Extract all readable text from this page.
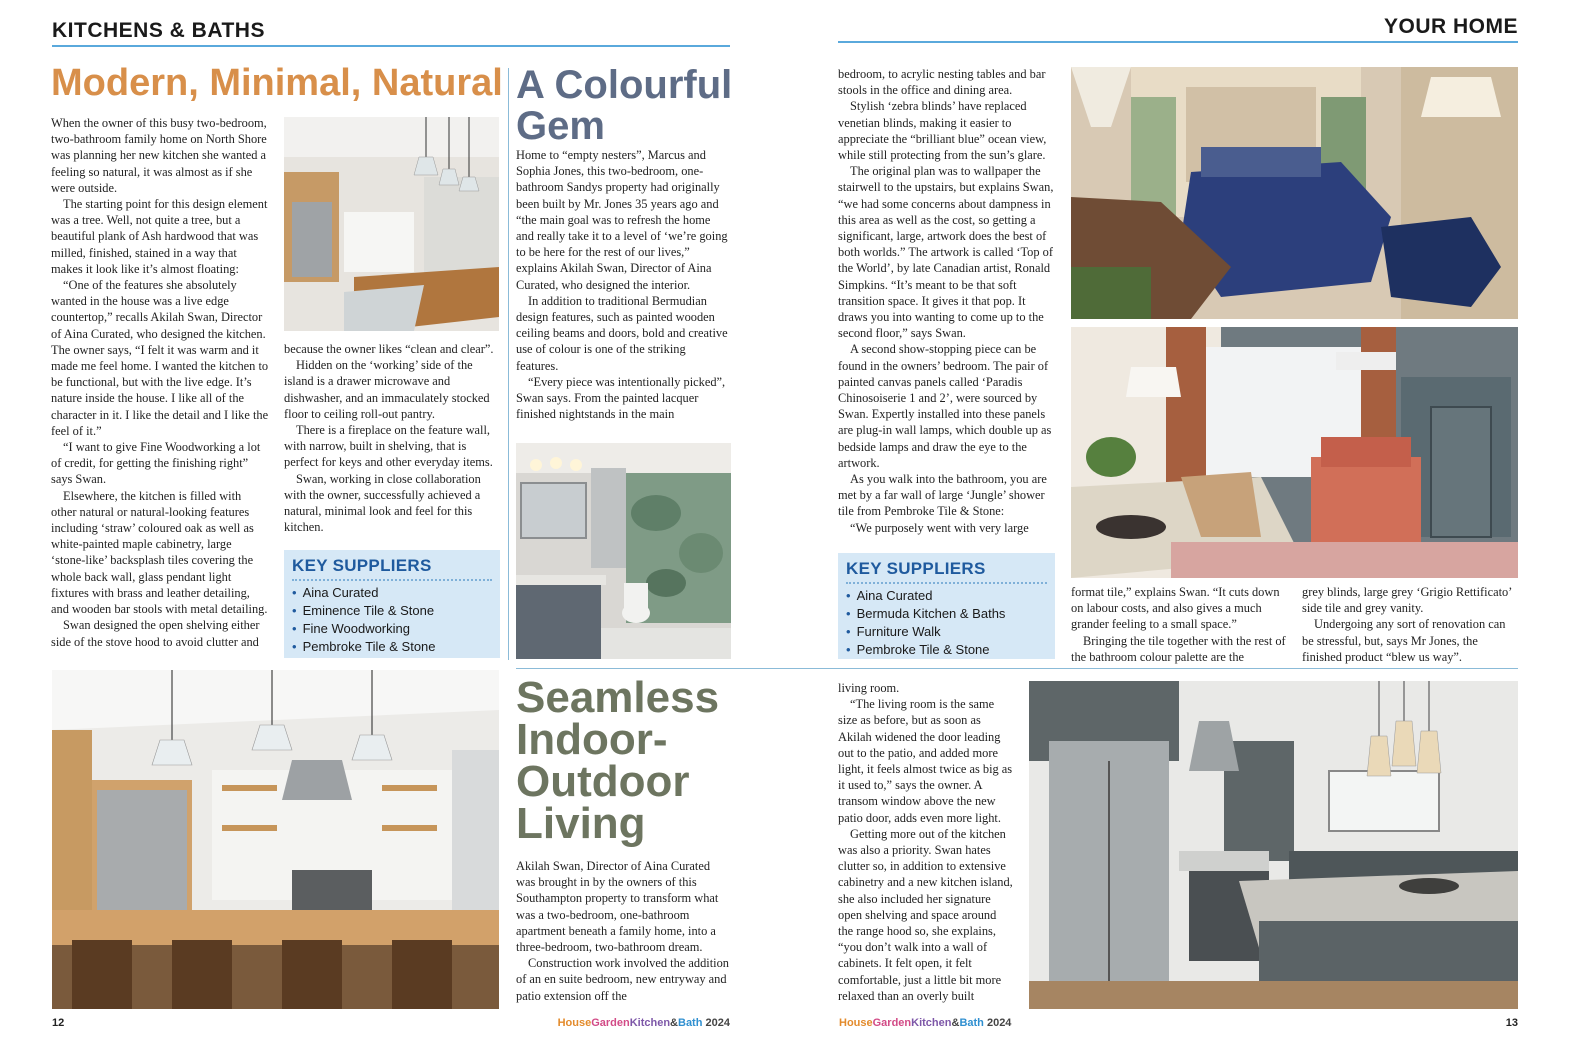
KITCHENS & BATHS	YOUR HOME
Modern, Minimal, Natural

When the owner of this busy two-bedroom, two-bathroom family home on North Shore was planning her new kitchen she wanted a feeling so natural, it was almost as if she were outside.

The starting point for this design element was a tree. Well, not quite a tree, but a beautiful plank of Ash hardwood that was milled, finished, stained in a way that makes it look like it’s almost floating:

“One of the features she absolutely wanted in the house was a live edge countertop,” recalls Akilah Swan, Director of Aina Curated, who designed the kitchen. The owner says, “I felt it was warm and it made me feel home. I wanted the kitchen to be functional, but with the live edge. It’s nature inside the house. I like all of the character in it. I like the detail and I like the feel of it.”

“I want to give Fine Woodworking a lot of credit, for getting the finishing right” says Swan.

Elsewhere, the kitchen is filled with other natural or natural-looking features including ‘straw’ coloured oak as well as white-painted maple cabinetry, large ‘stone-like’ backsplash tiles covering the whole back wall, glass pendant light fixtures with brass and leather detailing, and wooden bar stools with metal detailing.

Swan designed the open shelving either side of the stove hood to avoid clutter and

because the owner likes “clean and clear”.

Hidden on the ‘working’ side of the island is a drawer microwave and dishwasher, and an immaculately stocked floor to ceiling roll-out pantry.

There is a fireplace on the feature wall, with narrow, built in shelving, that is perfect for keys and other everyday items.

Swan, working in close collaboration with the owner, successfully achieved a natural, minimal look and feel for this kitchen.

KEY SUPPLIERS
• Aina Curated
• Eminence Tile & Stone
• Fine Woodworking
• Pembroke Tile & Stone
A Colourful
Gem

Home to “empty nesters”, Marcus and Sophia Jones, this two-bedroom, one-bathroom Sandys property had originally been built by Mr. Jones 35 years ago and “the main goal was to refresh the home and really take it to a level of ‘we’re going to be here for the rest of our lives,” explains Akilah Swan, Director of Aina Curated, who designed the interior.

In addition to traditional Bermudian design features, such as painted wooden ceiling beams and doors, bold and creative use of colour is one of the striking features.

“Every piece was intentionally picked”, Swan says. From the painted lacquer finished nightstands in the main

bedroom, to acrylic nesting tables and bar stools in the office and dining area.

Stylish ‘zebra blinds’ have replaced venetian blinds, making it easier to appreciate the “brilliant blue” ocean view, while still protecting from the sun’s glare.

The original plan was to wallpaper the stairwell to the upstairs, but explains Swan, “we had some concerns about dampness in this area as well as the cost, so getting a significant, large, artwork does the best of both worlds.” The artwork is called ‘Top of the World’, by late Canadian artist, Ronald Simpkins. “It’s meant to be that soft transition space. It gives it that pop. It draws you into wanting to come up to the second floor,” says Swan.

A second show-stopping piece can be found in the owners’ bedroom. The pair of painted canvas panels called ‘Paradis Chinosoiserie 1 and 2’, were sourced by Swan. Expertly installed into these panels are plug-in wall lamps, which double up as bedside lamps and draw the eye to the artwork.

As you walk into the bathroom, you are met by a far wall of large ‘Jungle’ shower tile from Pembroke Tile & Stone:

“We purposely went with very large

KEY SUPPLIERS
• Aina Curated
• Bermuda Kitchen & Baths
• Furniture Walk
• Pembroke Tile & Stone

format tile,” explains Swan. “It cuts down on labour costs, and also gives a much grander feeling to a small space.”

Bringing the tile together with the rest of the bathroom colour palette are the

grey blinds, large grey ‘Grigio Rettificato’ side tile and grey vanity.

Undergoing any sort of renovation can be stressful, but, says Mr Jones, the finished product “blew us way”.

Seamless
Indoor-
Outdoor
Living

Akilah Swan, Director of Aina Curated was brought in by the owners of this Southampton property to transform what was a two-bedroom, one-bathroom apartment beneath a family home, into a three-bedroom, two-bathroom dream.

Construction work involved the addition of an en suite bedroom, new entryway and patio extension off the

living room.

“The living room is the same size as before, but as soon as Akilah widened the door leading out to the patio, and added more light, it feels almost twice as big as it used to,” says the owner. A transom window above the new patio door, adds even more light.

Getting more out of the kitchen was also a priority. Swan hates clutter so, in addition to extensive cabinetry and a new kitchen island, she also included her signature open shelving and space around the range hood so, she explains, “you don’t walk into a wall of cabinets. It felt open, it felt comfortable, just a little bit more relaxed than an overly built

12	HouseGardenKitchen&Bath 2024	HouseGardenKitchen&Bath 2024	13
